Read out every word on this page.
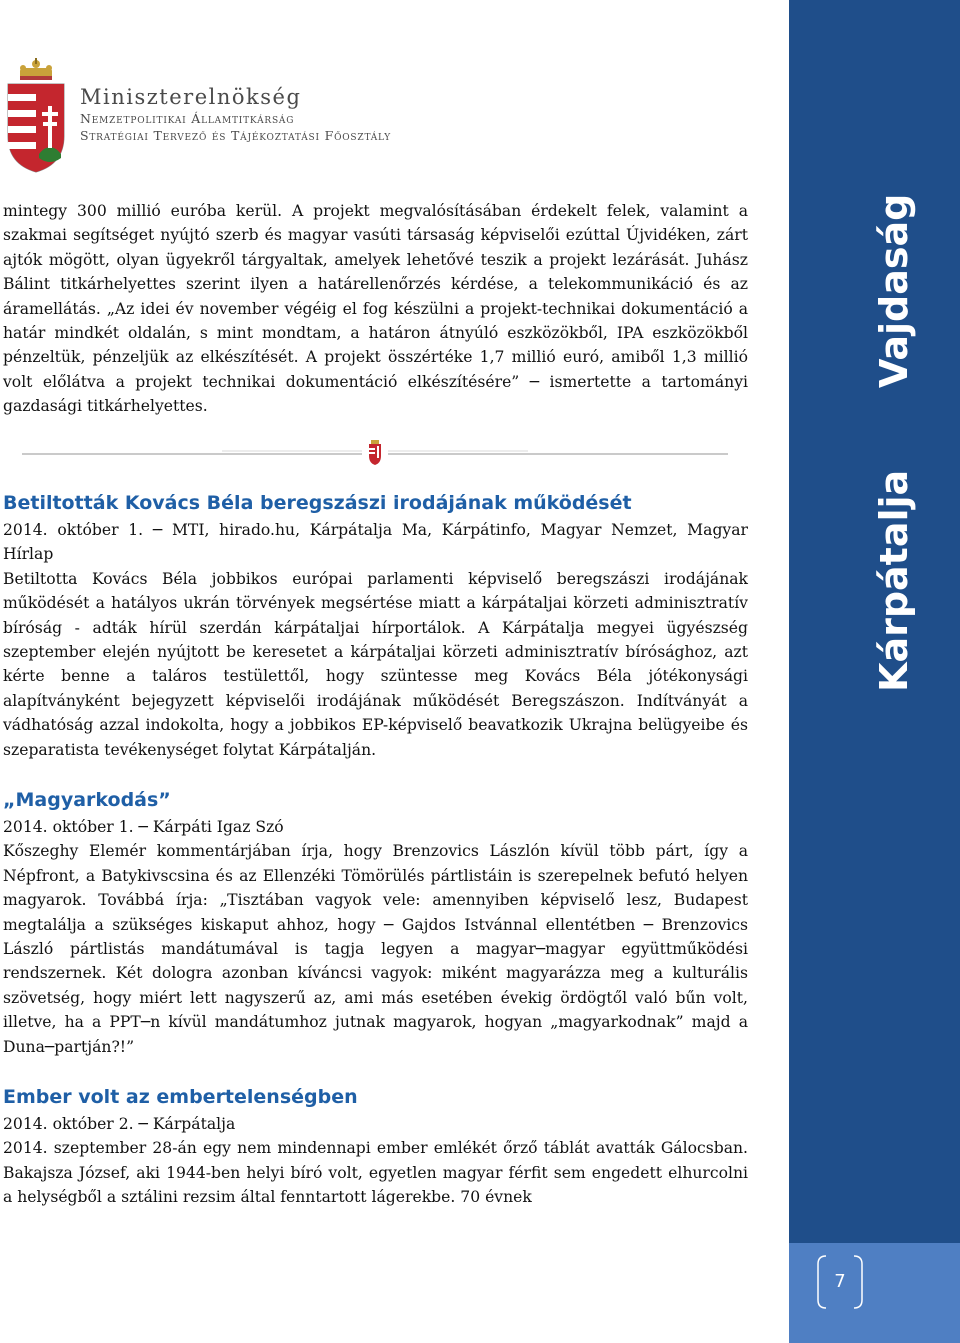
Miniszterelnökség
Nemzetpolitikai Államtitkárság
Stratégiai Tervező és Tájékoztatási Főosztály

mintegy 300 millió euróba kerül. A projekt megvalósításában érdekelt felek, valamint a szakmai segítséget nyújtó szerb és magyar vasúti társaság képviselői ezúttal Újvidéken, zárt ajtók mögött, olyan ügyekről tárgyaltak, amelyek lehetővé teszik a projekt lezárását. Juhász Bálint titkárhelyettes szerint ilyen a határellenőrzés kérdése, a telekommunikáció és az áramellátás. „Az idei év november végéig el fog készülni a projekt-technikai dokumentáció a határ mindkét oldalán, s mint mondtam, a határon átnyúló eszközökből, IPA eszközökből pénzeltük, pénzeljük az elkészítését. A projekt összértéke 1,7 millió euró, amiből 1,3 millió volt előlátva a projekt technikai dokumentáció elkészítésére” ─ ismertette a tartományi gazdasági titkárhelyettes.

Betiltották Kovács Béla beregszászi irodájának működését

2014. október 1. ─ MTI, hirado.hu, Kárpátalja Ma, Kárpátinfo, Magyar Nemzet, Magyar Hírlap

Betiltotta Kovács Béla jobbikos európai parlamenti képviselő beregszászi irodájának működését a hatályos ukrán törvények megsértése miatt a kárpátaljai körzeti adminisztratív bíróság - adták hírül szerdán kárpátaljai hírportálok. A Kárpátalja megyei ügyészség szeptember elején nyújtott be keresetet a kárpátaljai körzeti adminisztratív bírósághoz, azt kérte benne a taláros testülettől, hogy szüntesse meg Kovács Béla jótékonysági alapítványként bejegyzett képviselői irodájának működését Beregszászon. Indítványát a vádhatóság azzal indokolta, hogy a jobbikos EP-képviselő beavatkozik Ukrajna belügyeibe és szeparatista tevékenységet folytat Kárpátalján.

„Magyarkodás”

2014. október 1. ─ Kárpáti Igaz Szó

Kőszeghy Elemér kommentárjában írja, hogy Brenzovics Lászlón kívül több párt, így a Népfront, a Batykivscsina és az Ellenzéki Tömörülés pártlistáin is szerepelnek befutó helyen magyarok. Továbbá írja: „Tisztában vagyok vele: amennyiben képviselő lesz, Budapest megtalálja a szükséges kiskaput ahhoz, hogy ─ Gajdos Istvánnal ellentétben ─ Brenzovics László pártlistás mandátumával is tagja legyen a magyar─magyar együttműködési rendszernek. Két dologra azonban kíváncsi vagyok: miként magyarázza meg a kulturális szövetség, hogy miért lett nagyszerű az, ami más esetében évekig ördögtől való bűn volt, illetve, ha a PPT─n kívül mandátumhoz jutnak magyarok, hogyan „magyarkodnak” majd a Duna─partján?!”

Ember volt az embertelenségben

2014. október 2. ─ Kárpátalja

2014. szeptember 28-án egy nem mindennapi ember emlékét őrző táblát avatták Gálocsban. Bakajsza József, aki 1944-ben helyi bíró volt, egyetlen magyar férfit sem engedett elhurcolni a helységből a sztálini rezsim által fenntartott lágerekbe. 70 évnek

Vajdaság
Kárpátalja
7
